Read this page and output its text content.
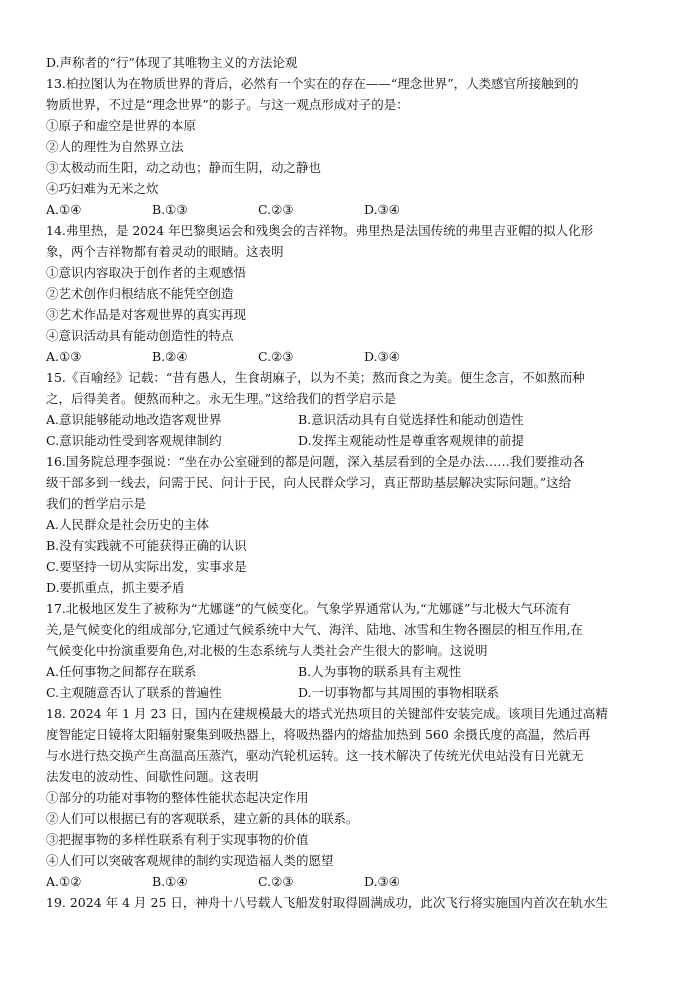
D.声称者的“行”体现了其唯物主义的方法论观
13.柏拉图认为在物质世界的背后，必然有一个实在的存在——“理念世界”，人类感官所接触到的
物质世界，不过是“理念世界”的影子。与这一观点形成对子的是：
①原子和虚空是世界的本原
②人的理性为自然界立法
③太极动而生阳，动之动也；静而生阴，动之静也
④巧妇难为无米之炊
A.①④	B.①③	C.②③	D.③④
14.弗里热，是 2024 年巴黎奥运会和残奥会的吉祥物。弗里热是法国传统的弗里吉亚帽的拟人化形
象，两个吉祥物都有着灵动的眼睛。这表明
①意识内容取决于创作者的主观感悟
②艺术创作归根结底不能凭空创造
③艺术作品是对客观世界的真实再现
④意识活动具有能动创造性的特点
A.①③	B.②④	C.②③	D.③④
15.《百喻经》记载：“昔有愚人，生食胡麻子，以为不美；熬而食之为美。便生念言，不如熬而种
之，后得美者。便熬而种之。永无生理。”这给我们的哲学启示是
A.意识能够能动地改造客观世界	B.意识活动具有自觉选择性和能动创造性
C.意识能动性受到客观规律制约	D.发挥主观能动性是尊重客观规律的前提
16.国务院总理李强说：“坐在办公室碰到的都是问题，深入基层看到的全是办法……我们要推动各
级干部多到一线去，问需于民、问计于民，向人民群众学习，真正帮助基层解决实际问题。”这给
我们的哲学启示是
A.人民群众是社会历史的主体
B.没有实践就不可能获得正确的认识
C.要坚持一切从实际出发，实事求是
D.要抓重点，抓主要矛盾
17.北极地区发生了被称为“尤娜谜”的气候变化。气象学界通常认为,“尤娜谜”与北极大气环流有
关,是气候变化的组成部分,它通过气候系统中大气、海洋、陆地、冰雪和生物各圈层的相互作用,在
气候变化中扮演重要角色,对北极的生态系统与人类社会产生很大的影响。这说明
A.任何事物之间都存在联系	B.人为事物的联系具有主观性
C.主观随意否认了联系的普遍性	D.一切事物都与其周围的事物相联系
18. 2024 年 1 月 23 日，国内在建规模最大的塔式光热项目的关键部件安装完成。该项目先通过高精
度智能定日镜将太阳辐射聚集到吸热器上，将吸热器内的熔盐加热到 560 余摄氏度的高温，然后再
与水进行热交换产生高温高压蒸汽，驱动汽轮机运转。这一技术解决了传统光伏电站没有日光就无
法发电的波动性、间歇性问题。这表明
①部分的功能对事物的整体性能状态起决定作用
②人们可以根据已有的客观联系，建立新的具体的联系。
③把握事物的多样性联系有利于实现事物的价值
④人们可以突破客观规律的制约实现造福人类的愿望
A.①②	B.①④	C.②③	D.③④
19. 2024 年 4 月 25 日，神舟十八号载人飞船发射取得圆满成功，此次飞行将实施国内首次在轨水生
